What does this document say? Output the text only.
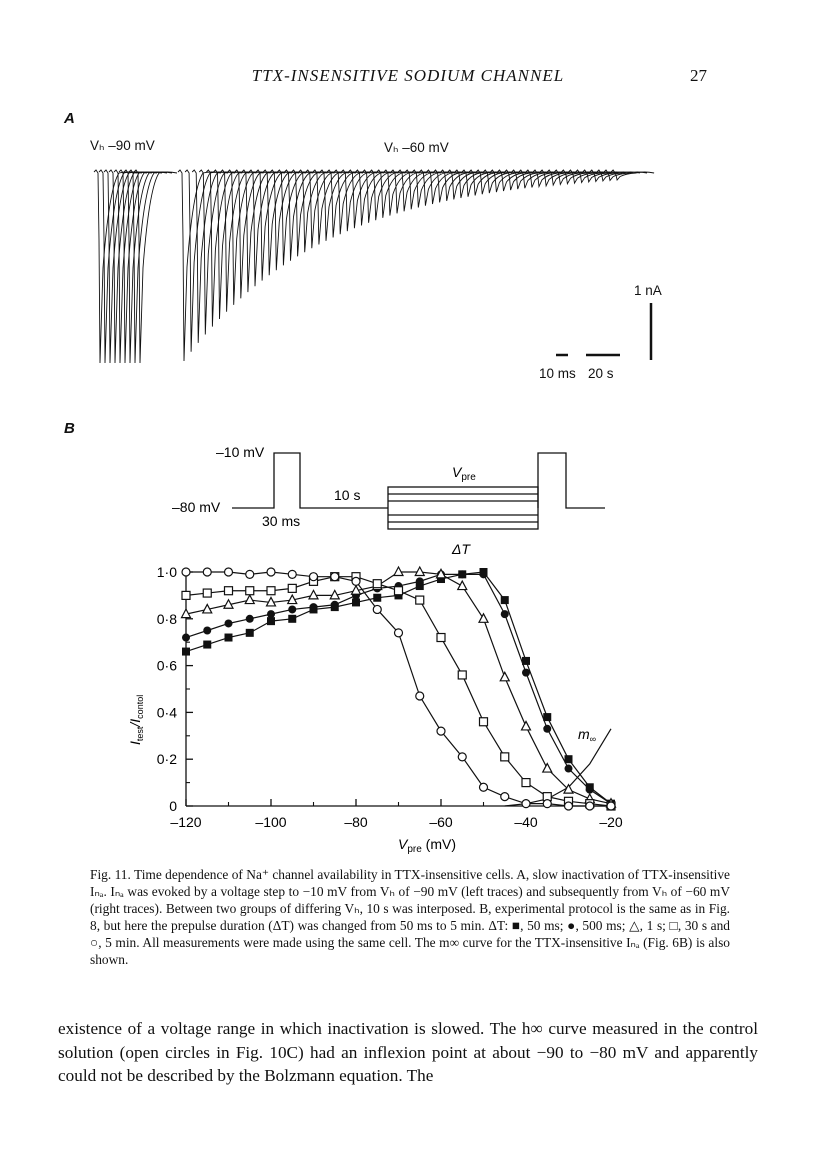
TTX-INSENSITIVE SODIUM CHANNEL	27
A
Vₕ –90 mV	Vₕ –60 mV
1 nA
10 ms 20 s
B
–10 mV
–80 mV
30 ms
10 s
$V_{pre}$
ΔT
–120	–100	–80	–60	–40	–20
0
0·2
0·4
0·6
0·8
1·0
$m_\infty$
$V_{pre}$ (mV)
$I_{test}/I_{contol}$
Fig. 11. Time dependence of Na⁺ channel availability in TTX-insensitive cells. A, slow inactivation of TTX-insensitive Iₙₐ. Iₙₐ was evoked by a voltage step to −10 mV from Vₕ of −90 mV (left traces) and subsequently from Vₕ of −60 mV (right traces). Between two groups of differing Vₕ, 10 s was interposed. B, experimental protocol is the same as in Fig. 8, but here the prepulse duration (ΔT) was changed from 50 ms to 5 min. ΔT: ■, 50 ms; ●, 500 ms; △, 1 s; □, 30 s and ○, 5 min. All measurements were made using the same cell. The m∞ curve for the TTX-insensitive Iₙₐ (Fig. 6B) is also shown.
existence of a voltage range in which inactivation is slowed. The h∞ curve measured in the control solution (open circles in Fig. 10C) had an inflexion point at about −90 to −80 mV and apparently could not be described by the Bolzmann equation. The
